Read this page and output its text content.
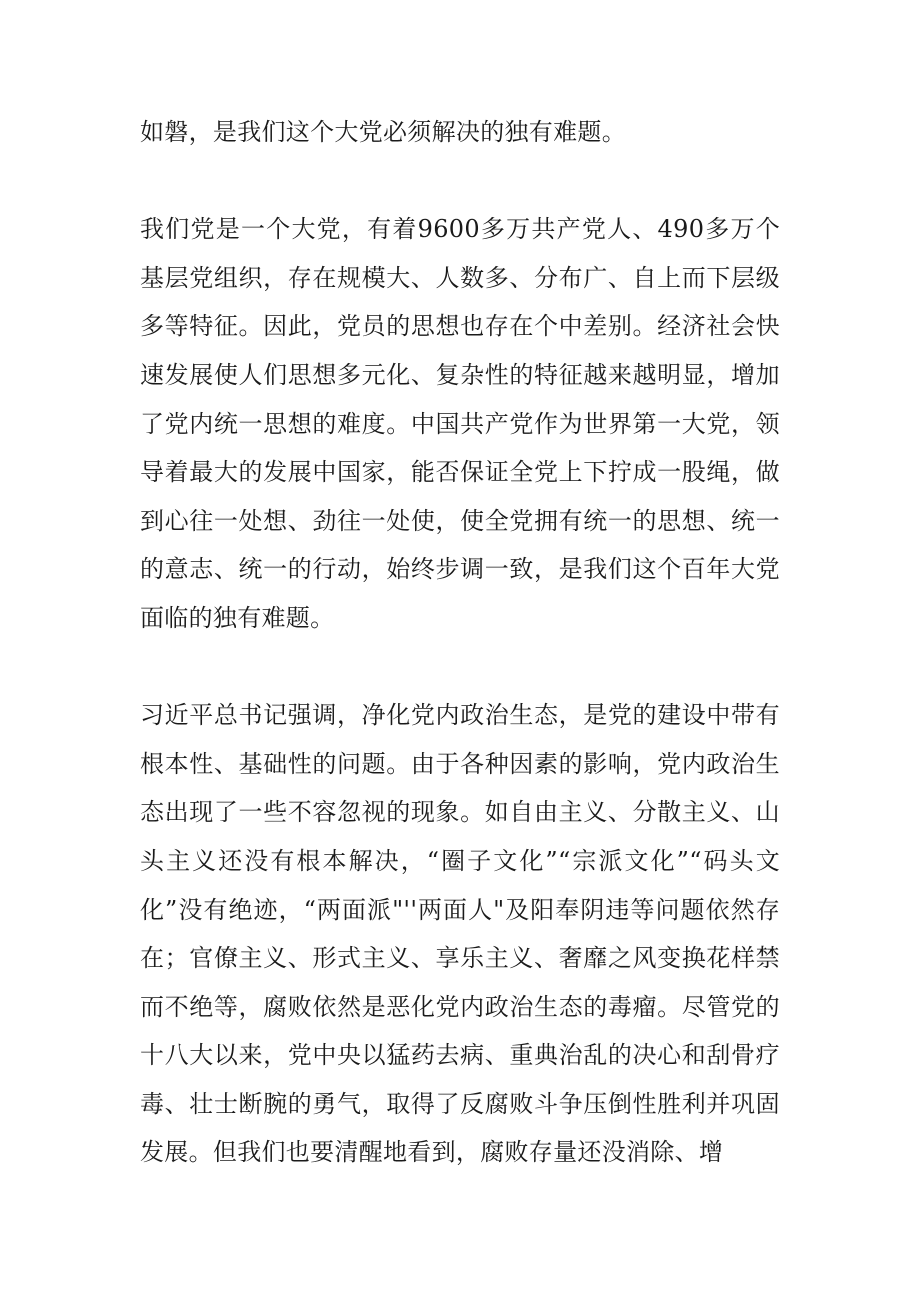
如磐，是我们这个大党必须解决的独有难题。

我们党是一个大党，有着9600多万共产党人、490多万个基层党组织，存在规模大、人数多、分布广、自上而下层级多等特征。因此，党员的思想也存在个中差别。经济社会快速发展使人们思想多元化、复杂性的特征越来越明显，增加了党内统一思想的难度。中国共产党作为世界第一大党，领导着最大的发展中国家，能否保证全党上下拧成一股绳，做到心往一处想、劲往一处使，使全党拥有统一的思想、统一的意志、统一的行动，始终步调一致，是我们这个百年大党面临的独有难题。

习近平总书记强调，净化党内政治生态，是党的建设中带有根本性、基础性的问题。由于各种因素的影响，党内政治生态出现了一些不容忽视的现象。如自由主义、分散主义、山头主义还没有根本解决，“圈子文化”“宗派文化”“码头文化”没有绝迹，“两面派"''两面人"及阳奉阴违等问题依然存在；官僚主义、形式主义、享乐主义、奢靡之风变换花样禁而不绝等，腐败依然是恶化党内政治生态的毒瘤。尽管党的十八大以来，党中央以猛药去病、重典治乱的决心和刮骨疗毒、壮士断腕的勇气，取得了反腐败斗争压倒性胜利并巩固发展。但我们也要清醒地看到，腐败存量还没消除、增
